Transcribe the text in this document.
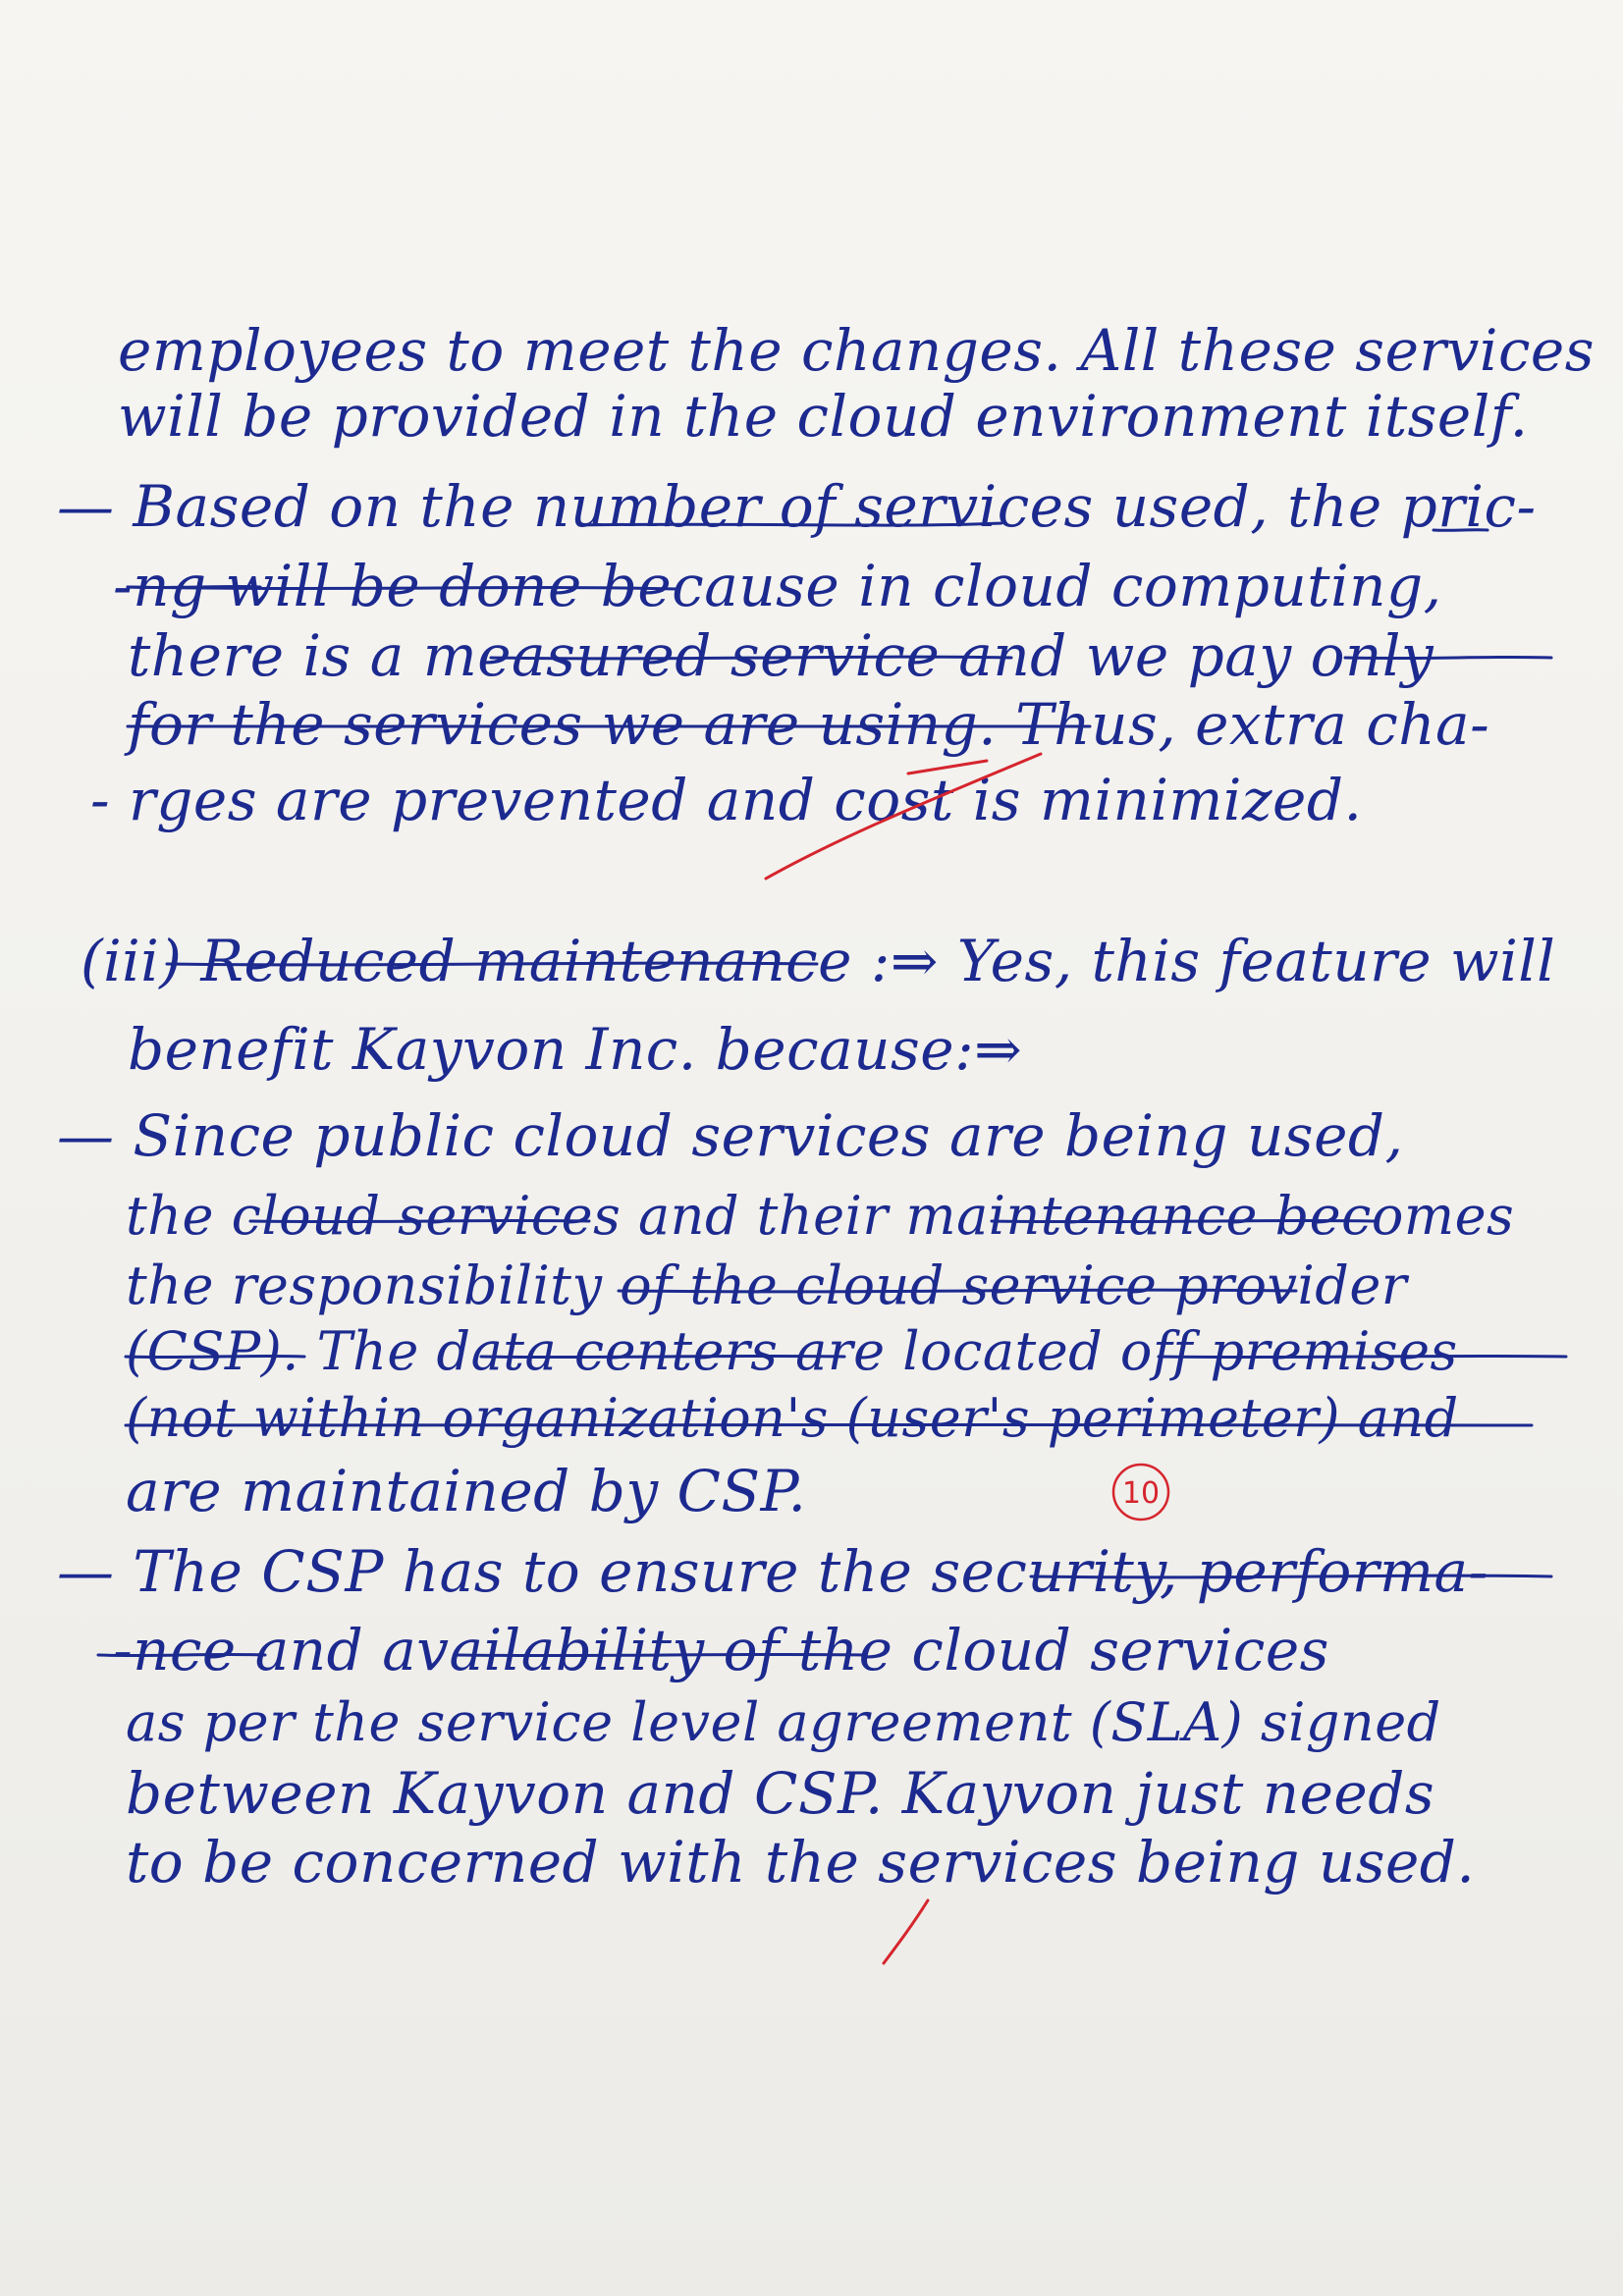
employees to meet the changes. All these services
will be provided in the cloud environment itself.
— Based on the number of services used, the pric-
-ng will be done because in cloud computing,
there is a measured service and we pay only
for the services we are using. Thus, extra cha-
- rges are prevented and cost is minimized.
(iii) Reduced maintenance :⇒ Yes, this feature will
benefit Kayvon Inc. because:⇒
— Since public cloud services are being used,
the cloud services and their maintenance becomes
the responsibility of the cloud service provider
(CSP). The data centers are located off premises
(not within organization's (user's perimeter) and
are maintained by CSP.
— The CSP has to ensure the security, performa-
-nce and availability of the cloud services
as per the service level agreement (SLA) signed
between Kayvon and CSP. Kayvon just needs
to be concerned with the services being used.
10
